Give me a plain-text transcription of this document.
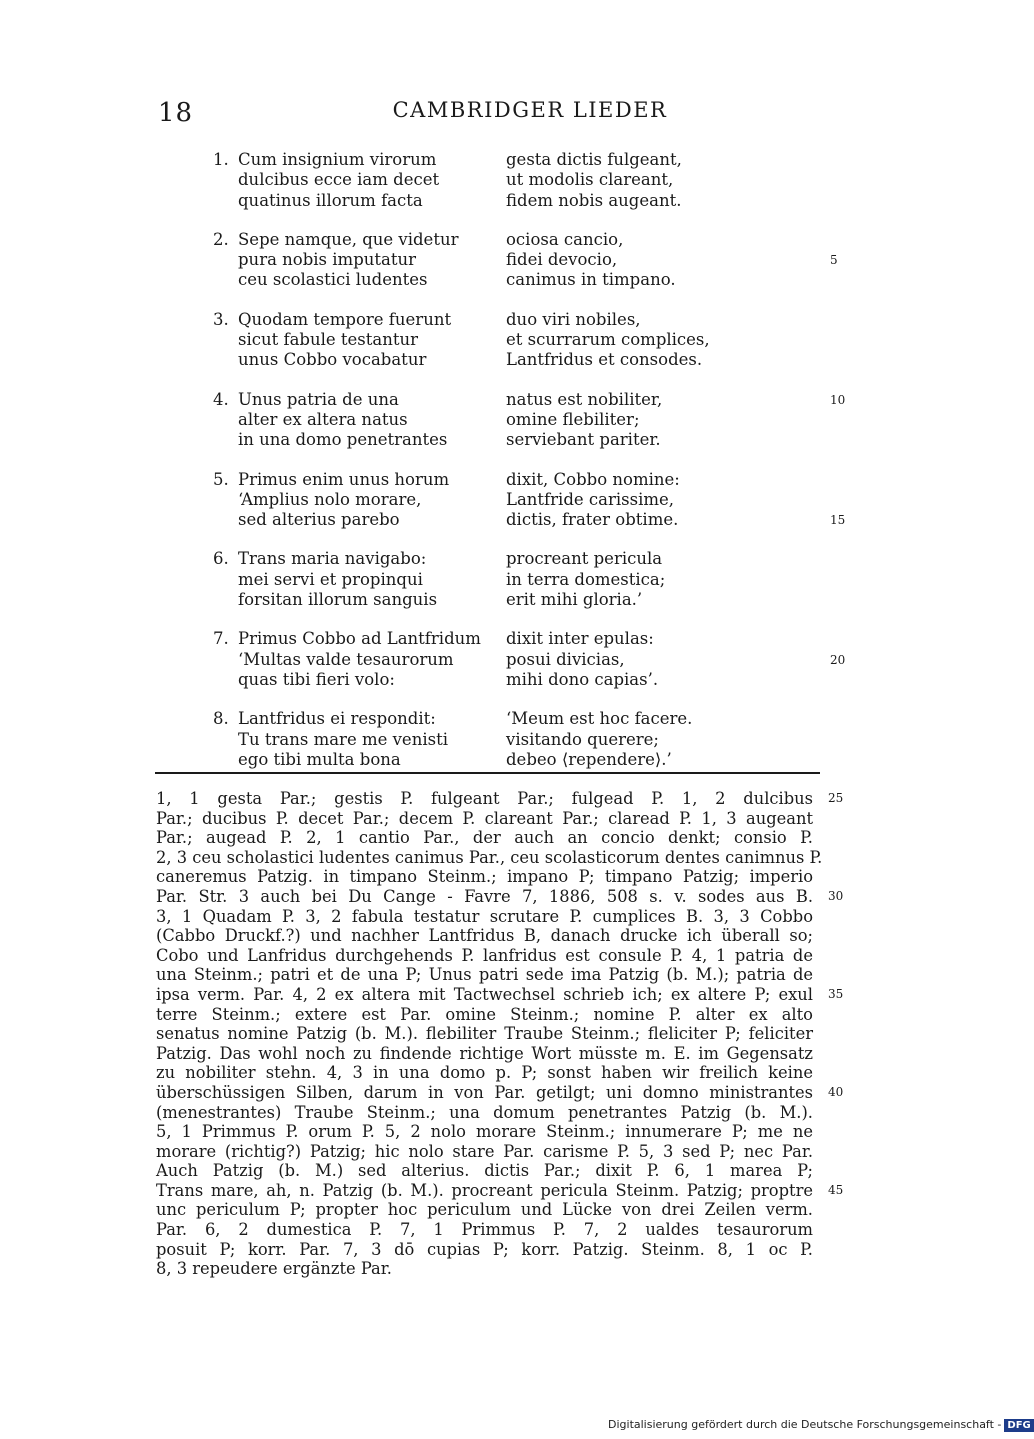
18	CAMBRIDGER LIEDER
1. Cum insignium virorum	gesta dictis fulgeant,
dulcibus ecce iam decet	ut modolis clareant,
quatinus illorum facta	fidem nobis augeant.
2. Sepe namque, que videtur	ociosa cancio,
pura nobis imputatur	fidei devocio,	5
ceu scolastici ludentes	canimus in timpano.
3. Quodam tempore fuerunt	duo viri nobiles,
sicut fabule testantur	et scurrarum complices,
unus Cobbo vocabatur	Lantfridus et consodes.
4. Unus patria de una	natus est nobiliter,	10
alter ex altera natus	omine flebiliter;
in una domo penetrantes	serviebant pariter.
5. Primus enim unus horum	dixit, Cobbo nomine:
‘Amplius nolo morare,	Lantfride carissime,
sed alterius parebo	dictis, frater obtime.	15
6. Trans maria navigabo:	procreant pericula
mei servi et propinqui	in terra domestica;
forsitan illorum sanguis	erit mihi gloria.’
7. Primus Cobbo ad Lantfridum dixit inter epulas:
‘Multas valde tesaurorum	posui divicias,	20
quas tibi fieri volo:	mihi dono capias’.
8. Lantfridus ei respondit:	‘Meum est hoc facere.
Tu trans mare me venisti	visitando querere;
ego tibi multa bona	debeo ⟨rependere⟩.’
1, 1 gesta Par.; gestis P. fulgeant Par.; fulgead P. 1, 2 dulcibus 25
Par.; ducibus P. decet Par.; decem P. clareant Par.; claread P. 1, 3 augeant
Par.; augead P. 2, 1 cantio Par., der auch an concio denkt; consio P.
2, 3 ceu scholastici ludentes canimus Par., ceu scolasticorum dentes canimnus P.
caneremus Patzig. in timpano Steinm.; impano P; timpano Patzig; imperio
Par. Str. 3 auch bei Du Cange - Favre 7, 1886, 508 s. v. sodes aus B. 30
3, 1 Quadam P. 3, 2 fabula testatur scrutare P. cumplices B. 3, 3 Cobbo
(Cabbo Druckf.?) und nachher Lantfridus B, danach drucke ich überall so;
Cobo und Lanfridus durchgehends P. lanfridus est consule P. 4, 1 patria de
una Steinm.; patri et de una P; Unus patri sede ima Patzig (b. M.); patria de
ipsa verm. Par. 4, 2 ex altera mit Tactwechsel schrieb ich; ex altere P; exul 35
terre Steinm.; extere est Par. omine Steinm.; nomine P. alter ex alto
senatus nomine Patzig (b. M.). flebiliter Traube Steinm.; fleliciter P; feliciter
Patzig. Das wohl noch zu findende richtige Wort müsste m. E. im Gegensatz
zu nobiliter stehn. 4, 3 in una domo p. P; sonst haben wir freilich keine
überschüssigen Silben, darum in von Par. getilgt; uni domno ministrantes 40
(menestrantes) Traube Steinm.; una domum penetrantes Patzig (b. M.).
5, 1 Primmus P. orum P. 5, 2 nolo morare Steinm.; innumerare P; me ne
morare (richtig?) Patzig; hic nolo stare Par. carisme P. 5, 3 sed P; nec Par.
Auch Patzig (b. M.) sed alterius. dictis Par.; dixit P. 6, 1 marea P;
Trans mare, ah, n. Patzig (b. M.). procreant pericula Steinm. Patzig; proptre 45
unc periculum P; propter hoc periculum und Lücke von drei Zeilen verm.
Par. 6, 2 dumestica P. 7, 1 Primmus P. 7, 2 ualdes tesaurorum
posuit P; korr. Par. 7, 3 dō cupias P; korr. Patzig. Steinm. 8, 1 oc P.
8, 3 repeudere ergänzte Par.
Digitalisierung gefördert durch die Deutsche Forschungsgemeinschaft - DFG
